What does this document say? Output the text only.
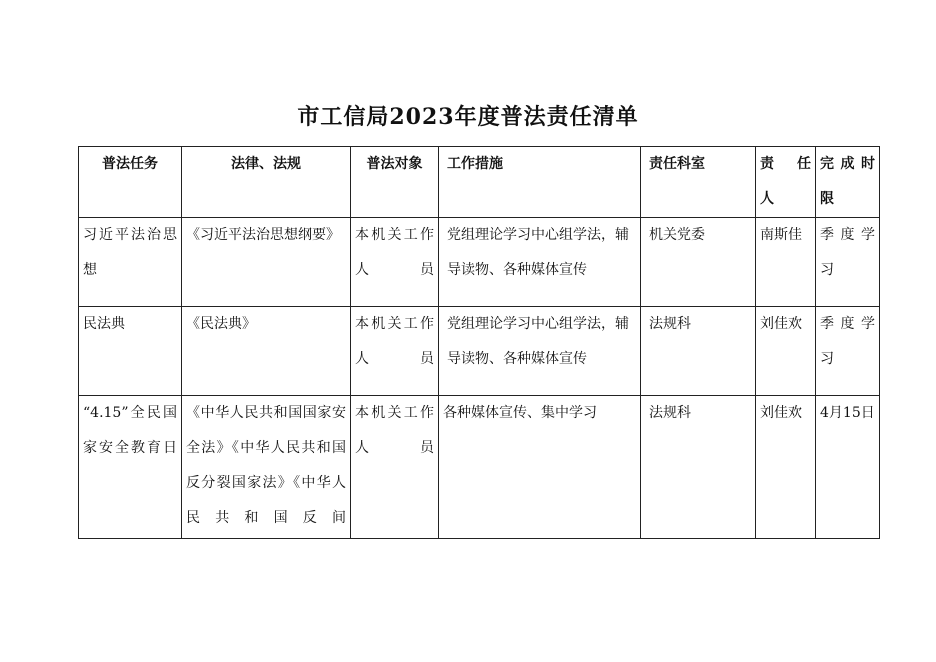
市工信局2023年度普法责任清单
普法任务	法律、法规	普法对象	工作措施	责任科室	责 任 人	完 成 时限
习近平法治思想	《习近平法治思想纲要》	本机关工作人员	党组理论学习中心组学法，辅导读物、各种媒体宣传	机关党委	南斯佳	季度学习
民法典	《民法典》	本机关工作人员	党组理论学习中心组学法，辅导读物、各种媒体宣传	法规科	刘佳欢	季度学习
“4.15”全民国家安全教育日	《中华人民共和国国家安全法》《中华人民共和国反分裂国家法》《中华人民共和国反间	本机关工作人员	各种媒体宣传、集中学习	法规科	刘佳欢	4月15日
